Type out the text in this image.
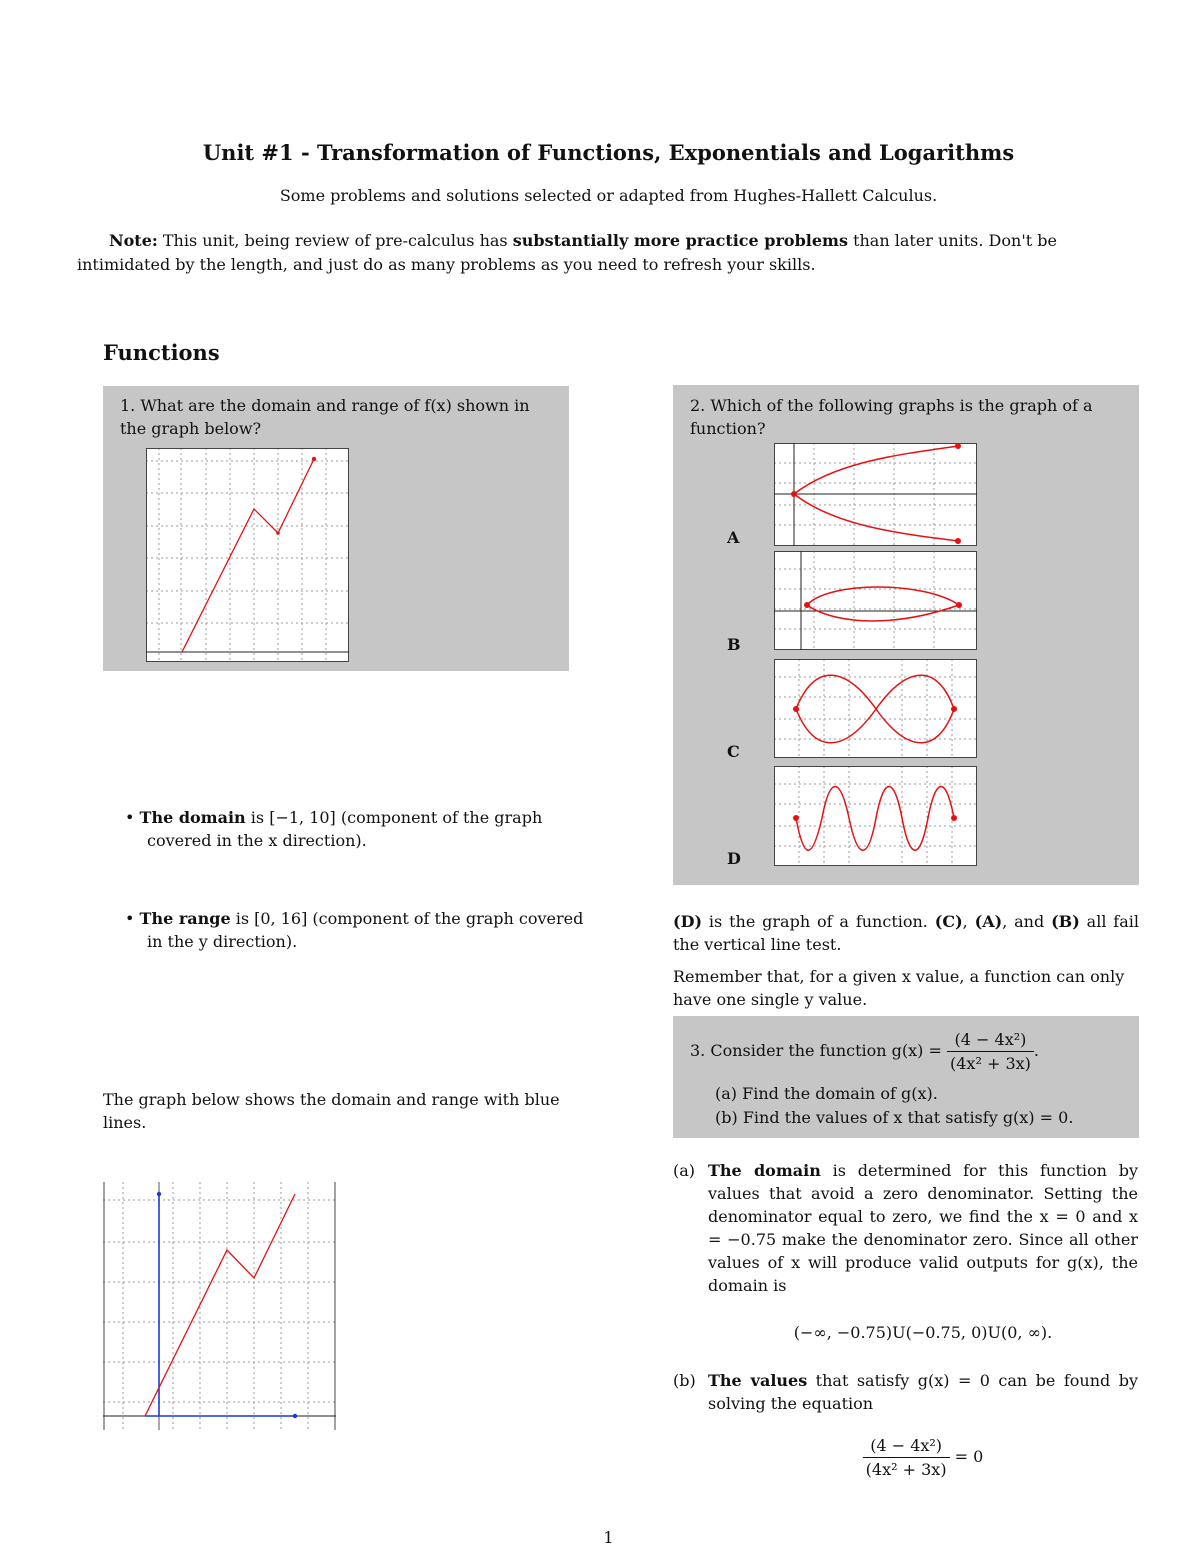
Unit #1 - Transformation of Functions, Exponentials and Logarithms
Some problems and solutions selected or adapted from Hughes-Hallett Calculus.
Note: This unit, being review of pre-calculus has substantially more practice problems than later units. Don't be intimidated by the length, and just do as many problems as you need to refresh your skills.
Functions
1. What are the domain and range of f(x) shown in the graph below?
• The domain is [−1, 10] (component of the graph covered in the x direction).
• The range is [0, 16] (component of the graph covered in the y direction).
The graph below shows the domain and range with blue lines.
2. Which of the following graphs is the graph of a function?
A
B
C
D
(D) is the graph of a function. (C), (A), and (B) all fail the vertical line test.
Remember that, for a given x value, a function can only have one single y value.
3. Consider the function $g(x) = \frac{\text{(4 − 4x²)}}{\text{(4x² + 3x)}}$ .
(a) Find the domain of g(x).
(b) Find the values of x that satisfy g(x) = 0.
(a) The domain is determined for this function by values that avoid a zero denominator. Setting the denominator equal to zero, we find the x = 0 and x = −0.75 make the denominator zero. Since all other values of x will produce valid outputs for g(x), the domain is
(−∞, −0.75)U(−0.75, 0)U(0, ∞).
(b) The values that satisfy g(x) = 0 can be found by solving the equation
$\frac{\text{(4 − 4x²)}}{\text{(4x² + 3x)}} = 0$
1
